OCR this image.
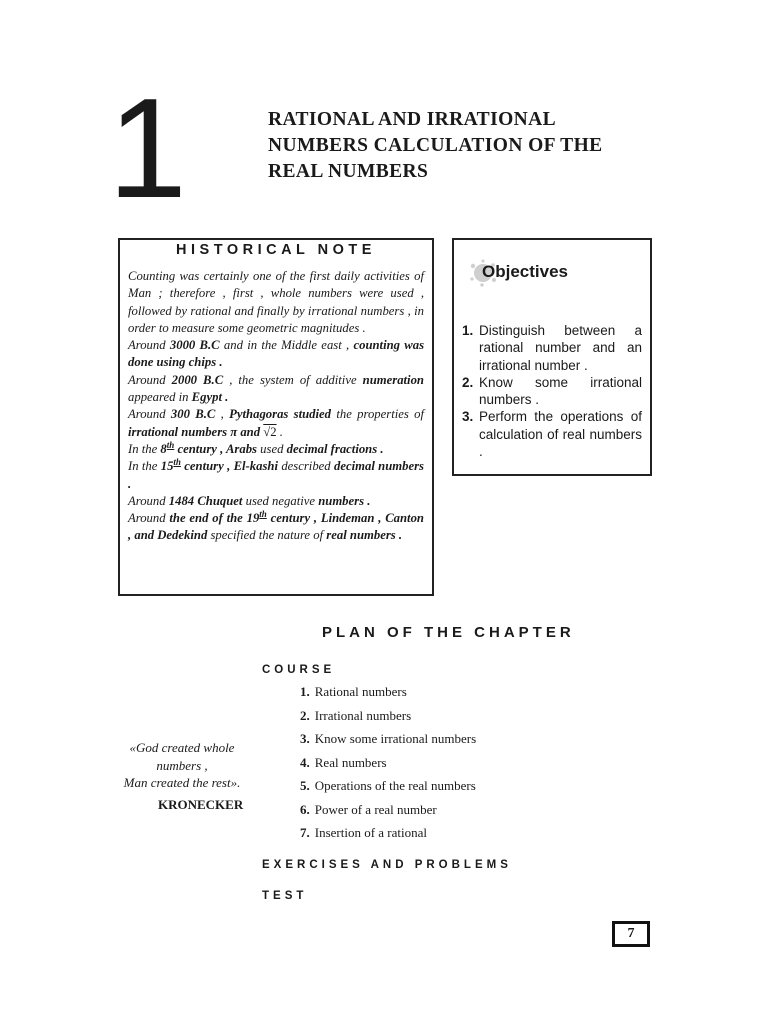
1	RATIONAL AND IRRATIONAL
NUMBERS CALCULATION OF THE
REAL NUMBERS
HISTORICAL NOTE
Counting was certainly one of the first daily activities of Man ; therefore , first , whole numbers were used , followed by rational and finally by irrational numbers , in order to measure some geometric magnitudes .
Around 3000 B.C and in the Middle east , counting was done using chips .
Around 2000 B.C , the system of additive numeration appeared in Egypt .
Around 300 B.C , Pythagoras studied the properties of irrational numbers π and √2 .
In the 8th century , Arabs used decimal fractions .
In the 15th century , El-kashi described decimal numbers .
Around 1484 Chuquet used negative numbers .
Around the end of the 19th century , Lindeman , Canton , and Dedekind specified the nature of real numbers .
Objectives
1. Distinguish between a rational number and an irrational number .
2. Know some irrational numbers .
3. Perform the operations of calculation of real numbers .
PLAN OF THE CHAPTER
COURSE
1. Rational numbers
2. Irrational numbers
3. Know some irrational numbers
4. Real numbers
5. Operations of the real numbers
6. Power of a real number
7. Insertion of a rational
EXERCISES AND PROBLEMS
TEST
«God created whole
numbers ,
Man created the rest».
KRONECKER
7
